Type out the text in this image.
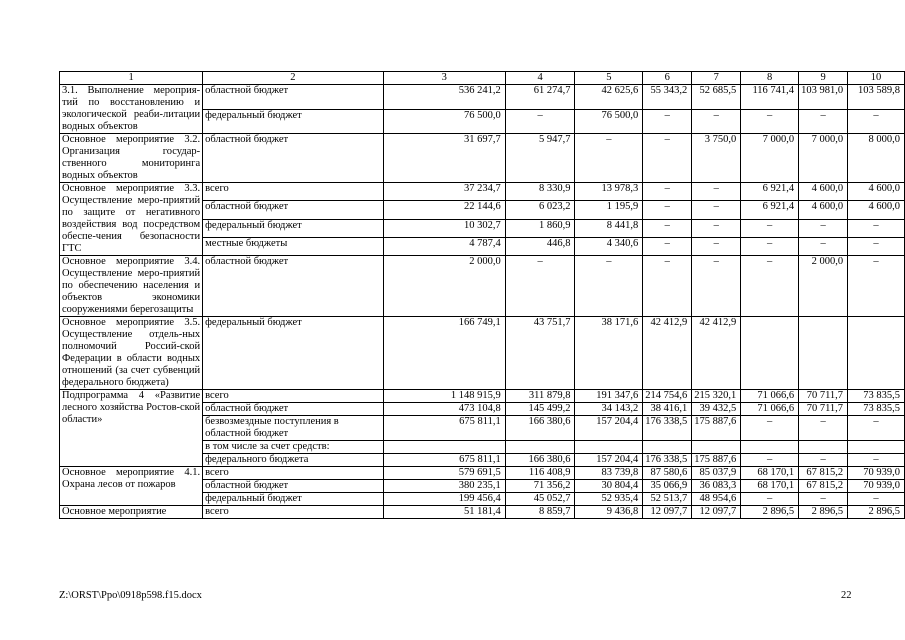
1	2	3	4	5	6	7	8	9	10
3.1. Выполнение мероприя-тий по восстановлению и экологической реаби-литации водных объектов	областной бюджет	536 241,2	61 274,7	42 625,6	55 343,2	52 685,5	116 741,4	103 981,0	103 589,8
	федеральный бюджет	76 500,0	–	76 500,0	–	–	–	–	–
Основное мероприятие 3.2. Организация государ-ственного мониторинга водных объектов	областной бюджет	31 697,7	5 947,7	–	–	3 750,0	7 000,0	7 000,0	8 000,0
Основное мероприятие 3.3. Осуществление меро-приятий по защите от негативного воздействия вод посредством обеспе-чения безопасности ГТС	всего	37 234,7	8 330,9	13 978,3	–	–	6 921,4	4 600,0	4 600,0
	областной бюджет	22 144,6	6 023,2	1 195,9	–	–	6 921,4	4 600,0	4 600,0
	федеральный бюджет	10 302,7	1 860,9	8 441,8	–	–	–	–	–
	местные бюджеты	4 787,4	446,8	4 340,6	–	–	–	–	–
Основное мероприятие 3.4. Осуществление меро-приятий по обеспечению населения и объектов экономики сооружениями берегозащиты	областной бюджет	2 000,0	–	–	–	–	–	2 000,0	–
Основное мероприятие 3.5. Осуществление отдель-ных полномочий Россий-ской Федерации в области водных отношений (за счет субвенций федерального бюджета)	федеральный бюджет	166 749,1	43 751,7	38 171,6	42 412,9	42 412,9			
Подпрограмма 4 «Развитие лесного хозяйства Ростов-ской области»	всего	1 148 915,9	311 879,8	191 347,6	214 754,6	215 320,1	71 066,6	70 711,7	73 835,5
	областной бюджет	473 104,8	145 499,2	34 143,2	38 416,1	39 432,5	71 066,6	70 711,7	73 835,5
	безвозмездные поступления в областной бюджет	675 811,1	166 380,6	157 204,4	176 338,5	175 887,6	–	–	–
	в том числе за счет средств:								
	федерального бюджета	675 811,1	166 380,6	157 204,4	176 338,5	175 887,6	–	–	–
Основное мероприятие 4.1. Охрана лесов от пожаров	всего	579 691,5	116 408,9	83 739,8	87 580,6	85 037,9	68 170,1	67 815,2	70 939,0
	областной бюджет	380 235,1	71 356,2	30 804,4	35 066,9	36 083,3	68 170,1	67 815,2	70 939,0
	федеральный бюджет	199 456,4	45 052,7	52 935,4	52 513,7	48 954,6	–	–	–
Основное мероприятие	всего	51 181,4	8 859,7	9 436,8	12 097,7	12 097,7	2 896,5	2 896,5	2 896,5
Z:\ORST\Ppo\0918p598.f15.docx	22
